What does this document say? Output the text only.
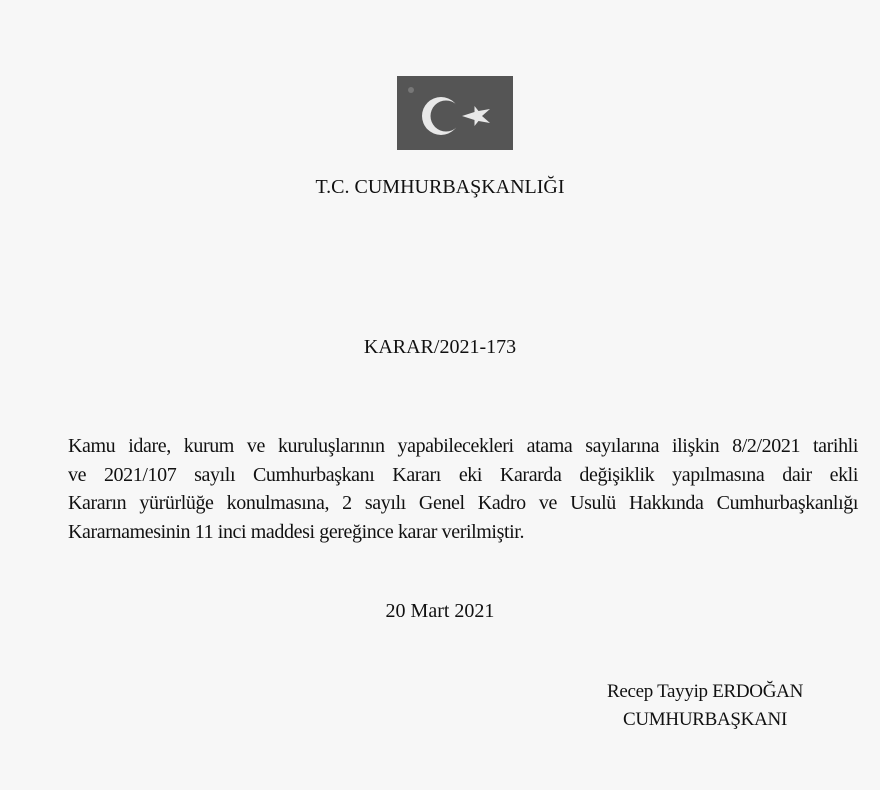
T.C. CUMHURBAŞKANLIĞI
KARAR/2021-173
Kamu idare, kurum ve kuruluşlarının yapabilecekleri atama sayılarına ilişkin 8/2/2021 tarihli
ve 2021/107 sayılı Cumhurbaşkanı Kararı eki Kararda değişiklik yapılmasına dair ekli
Kararın yürürlüğe konulmasına, 2 sayılı Genel Kadro ve Usulü Hakkında Cumhurbaşkanlığı
Kararnamesinin 11 inci maddesi gereğince karar verilmiştir.
20 Mart 2021
Recep Tayyip ERDOĞAN
CUMHURBAŞKANI
